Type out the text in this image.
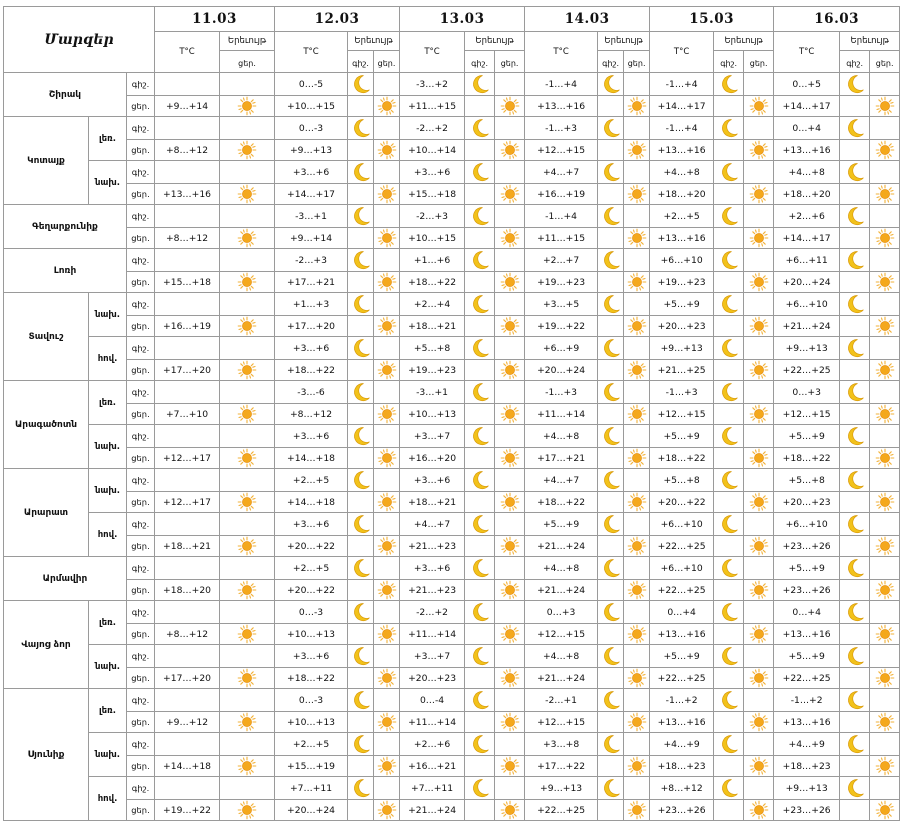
Մարզեր			11.03		12.03			13.03			14.03			15.03			16.03		
			T°C	Երեւույթ	T°C	Երեւույթ		T°C	Երեւույթ		T°C	Երեւույթ		T°C	Երեւույթ		T°C	Երեւույթ	
				ցեր.		գիշ.	ցեր.		գիշ.	ցեր.		գիշ.	ցեր.		գիշ.	ցեր.		գիշ.	ցեր.
Շիրակ		գիշ.			0…-5			-3…+2			-1…+4			-1…+4			0…+5		
		ցեր.	+9…+14		+10…+15			+11…+15			+13…+16			+14…+17			+14…+17		
Կոտայք	լեռ.	գիշ.			0…-3			-2…+2			-1…+3			-1…+4			0…+4		
		ցեր.	+8…+12		+9…+13			+10…+14			+12…+15			+13…+16			+13…+16		
	նախ.	գիշ.			+3…+6			+3…+6			+4…+7			+4…+8			+4…+8		
		ցեր.	+13…+16		+14…+17			+15…+18			+16…+19			+18…+20			+18…+20		
Գեղարքունիք		գիշ.			-3…+1			-2…+3			-1…+4			+2…+5			+2…+6		
		ցեր.	+8…+12		+9…+14			+10…+15			+11…+15			+13…+16			+14…+17		
Լոռի		գիշ.			-2…+3			+1…+6			+2…+7			+6…+10			+6…+11		
		ցեր.	+15…+18		+17…+21			+18…+22			+19…+23			+19…+23			+20…+24		
Տավուշ	նախ.	գիշ.			+1…+3			+2…+4			+3…+5			+5…+9			+6…+10		
		ցեր.	+16…+19		+17…+20			+18…+21			+19…+22			+20…+23			+21…+24		
	հով.	գիշ.			+3…+6			+5…+8			+6…+9			+9…+13			+9…+13		
		ցեր.	+17…+20		+18…+22			+19…+23			+20…+24			+21…+25			+22…+25		
Արագածոտն	լեռ.	գիշ.			-3…-6			-3…+1			-1…+3			-1…+3			0…+3		
		ցեր.	+7…+10		+8…+12			+10…+13			+11…+14			+12…+15			+12…+15		
	նախ.	գիշ.			+3…+6			+3…+7			+4…+8			+5…+9			+5…+9		
		ցեր.	+12…+17		+14…+18			+16…+20			+17…+21			+18…+22			+18…+22		
Արարատ	նախ.	գիշ.			+2…+5			+3…+6			+4…+7			+5…+8			+5…+8		
		ցեր.	+12…+17		+14…+18			+18…+21			+18…+22			+20…+22			+20…+23		
	հով.	գիշ.			+3…+6			+4…+7			+5…+9			+6…+10			+6…+10		
		ցեր.	+18…+21		+20…+22			+21…+23			+21…+24			+22…+25			+23…+26		
Արմավիր		գիշ.			+2…+5			+3…+6			+4…+8			+6…+10			+5…+9		
		ցեր.	+18…+20		+20…+22			+21…+23			+21…+24			+22…+25			+23…+26		
Վայոց ձոր	լեռ.	գիշ.			0…-3			-2…+2			0…+3			0…+4			0…+4		
		ցեր.	+8…+12		+10…+13			+11…+14			+12…+15			+13…+16			+13…+16		
	նախ.	գիշ.			+3…+6			+3…+7			+4…+8			+5…+9			+5…+9		
		ցեր.	+17…+20		+18…+22			+20…+23			+21…+24			+22…+25			+22…+25		
Սյունիք	լեռ.	գիշ.			0…-3			0…-4			-2…+1			-1…+2			-1…+2		
		ցեր.	+9…+12		+10…+13			+11…+14			+12…+15			+13…+16			+13…+16		
	նախ.	գիշ.			+2…+5			+2…+6			+3…+8			+4…+9			+4…+9		
		ցեր.	+14…+18		+15…+19			+16…+21			+17…+22			+18…+23			+18…+23		
	հով.	գիշ.			+7…+11			+7…+11			+9…+13			+8…+12			+9…+13		
		ցեր.	+19…+22		+20…+24			+21…+24			+22…+25			+23…+26			+23…+26		
